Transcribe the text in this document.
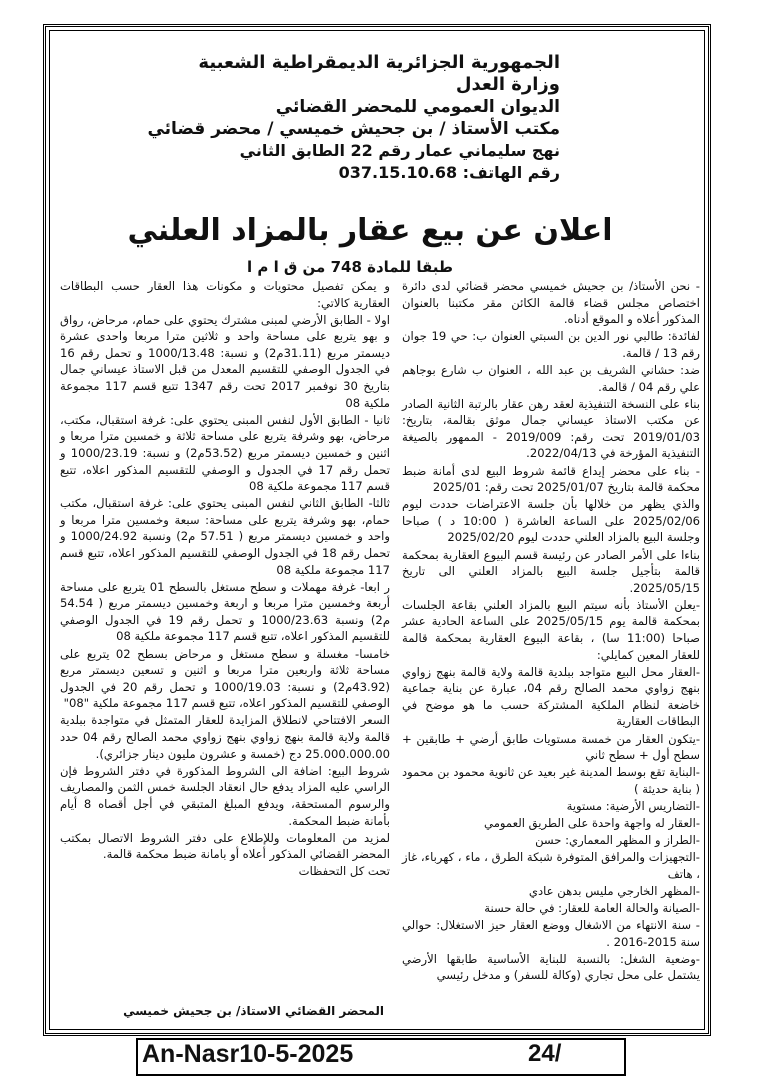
الجمهورية الجزائرية الديمقراطية الشعبية
وزارة العدل
الديوان العمومي للمحضر القضائي
مكتب الأستاذ / بن جحيش خميسي / محضر قضائي
نهج سليماني عمار رقم 22 الطابق الثاني
رقم الهاتف: 037.15.10.68
اعلان عن بيع عقار بالمزاد العلني
طبقا للمادة 748 من ق ا م ا

- نحن الأستاذ/ بن جحيش خميسي محضر قضائي لدى دائرة اختصاص مجلس قضاء قالمة الكائن مقر مكتبنا بالعنوان المذكور أعلاه و الموقع أدناه.

لفائدة: طالبي نور الدين بن السبتي العنوان ب: حي 19 جوان رقم 13 / قالمة.

ضد: حشاني الشريف بن عبد الله ، العنوان ب شارع بوجاهم علي رقم 04 / قالمة.

بناء على النسخة التنفيذية لعقد رهن عقار بالرتبة الثانية الصادر عن مكتب الاستاذ عيساني جمال موثق بقالمة، بتاريخ: 2019/01/03 تحت رقم: 2019/009 - الممهور بالصيغة التنفيذية المؤرخة في 2022/04/13.

- بناء على محضر إيداع قائمة شروط البيع لدى أمانة ضبط محكمة قالمة بتاريخ 2025/01/07 تحت رقم: 2025/01

والذي يظهر من خلالها بأن جلسة الاعتراضات حددت ليوم 2025/02/06 على الساعة العاشرة ( 10:00 د ) صباحا وجلسة البيع بالمزاد العلني حددت ليوم 2025/02/20

بناءا على الأمر الصادر عن رئيسة قسم البيوع العقارية بمحكمة قالمة بتأجيل جلسة البيع بالمزاد العلني الى تاريخ 2025/05/15.

-يعلن الأستاذ بأنه سيتم البيع بالمزاد العلني بقاعة الجلسات بمحكمة قالمة يوم 2025/05/15 على الساعة الحادية عشر صباحا (11:00 سا) ، بقاعة البيوع العقارية بمحكمة قالمة للعقار المعين كمايلي:

-العقار محل البيع متواجد ببلدية قالمة ولاية قالمة بنهج زواوي بنهج زواوي محمد الصالح رقم 04، عبارة عن بناية جماعية خاضعة لنظام الملكية المشتركة حسب ما هو موضح في البطاقات العقارية

-يتكون العقار من خمسة مستويات طابق أرضي + طابقين + سطح أول + سطح ثاني

-البناية تقع بوسط المدينة غير بعيد عن ثانوية محمود بن محمود ( بناية حديثة )

-التضاريس الأرضية: مستوية

-العقار له واجهة واحدة على الطريق العمومي

-الطراز و المظهر المعماري: حسن

-التجهيزات والمرافق المتوفرة شبكة الطرق ، ماء ، كهرباء، غاز ، هاتف

-المظهر الخارجي مليس بدهن عادي

-الصيانة والحالة العامة للعقار: في حالة حسنة

- سنة الانتهاء من الاشغال ووضع العقار حيز الاستغلال: حوالي سنة 2015-2016 .

-وضعية الشغل: بالنسبة للبناية الأساسية طابقها الأرضي يشتمل على محل تجاري (وكالة للسفر) و مدخل رئيسي

و يمكن تفصيل محتويات و مكونات هذا العقار حسب البطاقات العقارية كالاتي:

اولا - الطابق الأرضي لمبنى مشترك يحتوي على حمام، مرحاض، رواق و بهو يتربع على مساحة واحد و ثلاثين مترا مربعا واحدى عشرة ديسمتر مربع (31.11م2) و نسبة: 1000/13.48 و تحمل رقم 16 في الجدول الوصفي للتقسيم المعدل من قبل الاستاذ عيساني جمال بتاريخ 30 نوفمبر 2017 تحت رقم 1347 تتبع قسم 117 مجموعة ملكية 08

ثانيا - الطابق الأول لنفس المبنى يحتوي على: غرفة استقبال، مكتب، مرحاض، بهو وشرفة يتربع على مساحة ثلاثة و خمسين مترا مربعا و اثنين و خمسين ديسمتر مربع (53.52م2) و نسبة: 1000/23.19 و تحمل رقم 17 في الجدول و الوصفي للتقسيم المذكور اعلاه، تتبع قسم 117 مجموعة ملكية 08

ثالثا- الطابق الثاني لنفس المبنى يحتوي على: غرفة استقبال، مكتب حمام، بهو وشرفة يتربع على مساحة: سبعة وخمسين مترا مربعا و واحد و خمسين ديسمتر مربع ( 57.51 م2) ونسبة 1000/24.92 و تحمل رقم 18 في الجدول الوصفي للتقسيم المذكور اعلاه، تتبع قسم 117 مجموعة ملكية 08

ر ابعا- غرفة مهملات و سطح مستغل بالسطح 01 يتربع على مساحة أربعة وخمسين مترا مربعا و اربعة وخمسين ديسمتر مربع ( 54.54 م2) ونسبة 1000/23.63 و تحمل رقم 19 في الجدول الوصفي للتقسيم المذكور اعلاه، تتبع قسم 117 مجموعة ملكية 08

خامسا- مغسلة و سطح مستغل و مرحاض بسطح 02 يتربع على مساحة ثلاثة واربعين مترا مربعا و اثنين و تسعين ديسمتر مربع (43.92م2) و نسبة: 1000/19.03 و تحمل رقم 20 في الجدول الوصفي للتقسيم المذكور اعلاه، تتبع قسم 117 مجموعة ملكية "08"

السعر الافتتاحي لانطلاق المزايدة للعقار المتمثل في متواجدة ببلدية قالمة ولاية قالمة بنهج زواوي بنهج زواوي محمد الصالح رقم 04 حدد 25.000.000.00 دج (خمسة و عشرون مليون دينار جزائري).

شروط البيع: اضافة الى الشروط المذكورة في دفتر الشروط فإن الراسي عليه المزاد يدفع حال انعقاد الجلسة خمس الثمن والمصاريف والرسوم المستحقة، ويدفع المبلغ المتبقي في أجل أقصاه 8 أيام بأمانة ضبط المحكمة.

لمزيد من المعلومات وللإطلاع على دفتر الشروط الاتصال بمكتب المحضر القضائي المذكور أعلاه أو بامانة ضبط محكمة قالمة.

تحت كل التحفظات

المحضر القضائي الاستاذ/ بن جحيش خميسي
An-Nasr10-5-2025	24/
